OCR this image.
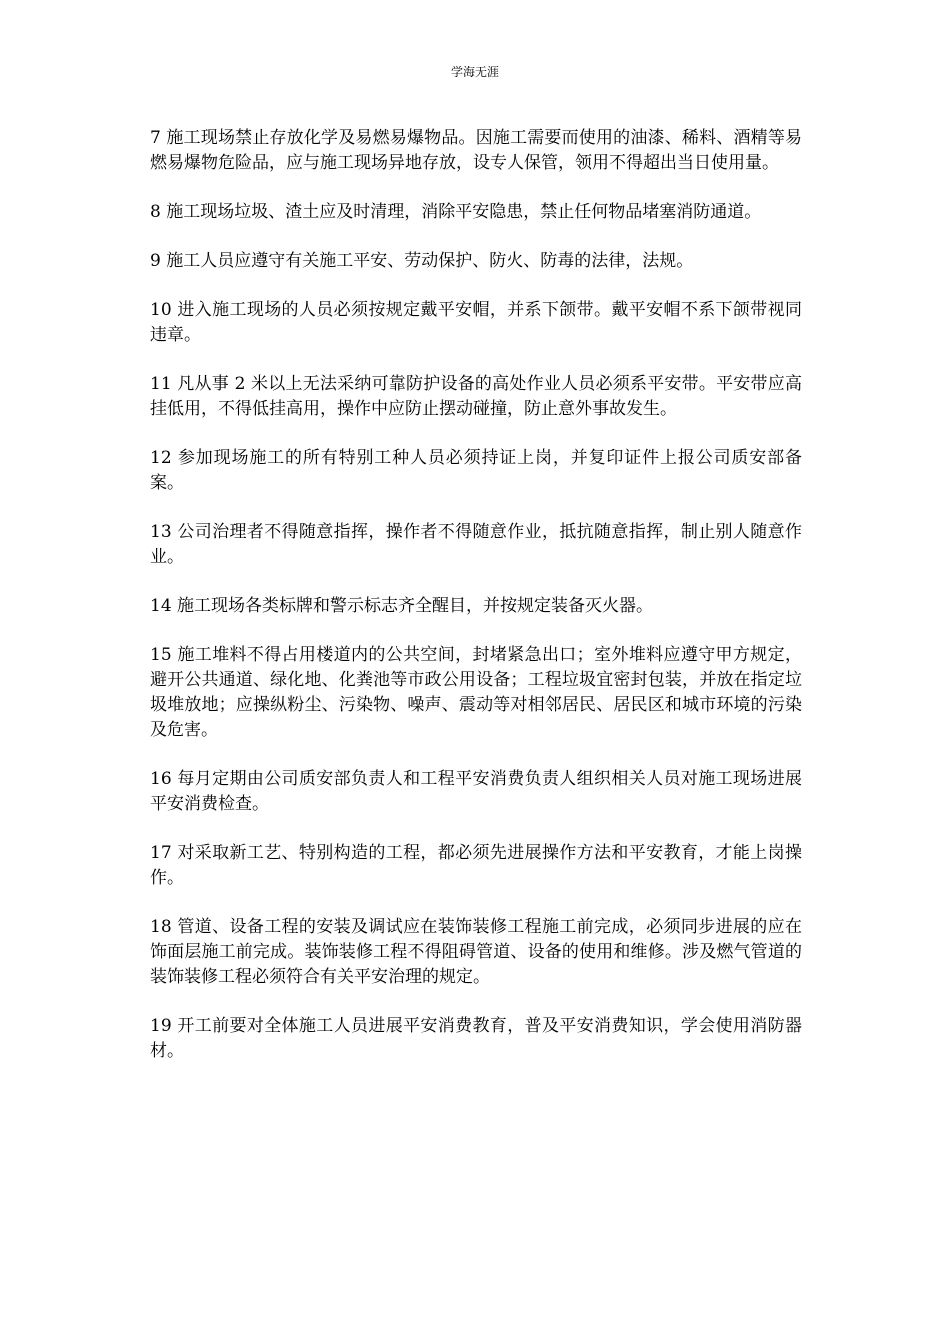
学海无涯

7 施工现场禁止存放化学及易燃易爆物品。因施工需要而使用的油漆、稀料、酒精等易燃易爆物危险品，应与施工现场异地存放，设专人保管，领用不得超出当日使用量。

8 施工现场垃圾、渣土应及时清理，消除平安隐患，禁止任何物品堵塞消防通道。

9 施工人员应遵守有关施工平安、劳动保护、防火、防毒的法律，法规。

10 进入施工现场的人员必须按规定戴平安帽，并系下颌带。戴平安帽不系下颌带视同违章。

11 凡从事 2 米以上无法采纳可靠防护设备的高处作业人员必须系平安带。平安带应高挂低用，不得低挂高用，操作中应防止摆动碰撞，防止意外事故发生。

12 参加现场施工的所有特别工种人员必须持证上岗，并复印证件上报公司质安部备案。

13 公司治理者不得随意指挥，操作者不得随意作业，抵抗随意指挥，制止别人随意作业。

14 施工现场各类标牌和警示标志齐全醒目，并按规定装备灭火器。

15 施工堆料不得占用楼道内的公共空间，封堵紧急出口；室外堆料应遵守甲方规定，避开公共通道、绿化地、化粪池等市政公用设备；工程垃圾宜密封包装，并放在指定垃圾堆放地；应操纵粉尘、污染物、噪声、震动等对相邻居民、居民区和城市环境的污染及危害。

16 每月定期由公司质安部负责人和工程平安消费负责人组织相关人员对施工现场进展平安消费检查。

17 对采取新工艺、特别构造的工程，都必须先进展操作方法和平安教育，才能上岗操作。

18 管道、设备工程的安装及调试应在装饰装修工程施工前完成，必须同步进展的应在饰面层施工前完成。装饰装修工程不得阻碍管道、设备的使用和维修。涉及燃气管道的装饰装修工程必须符合有关平安治理的规定。

19 开工前要对全体施工人员进展平安消费教育，普及平安消费知识，学会使用消防器材。
